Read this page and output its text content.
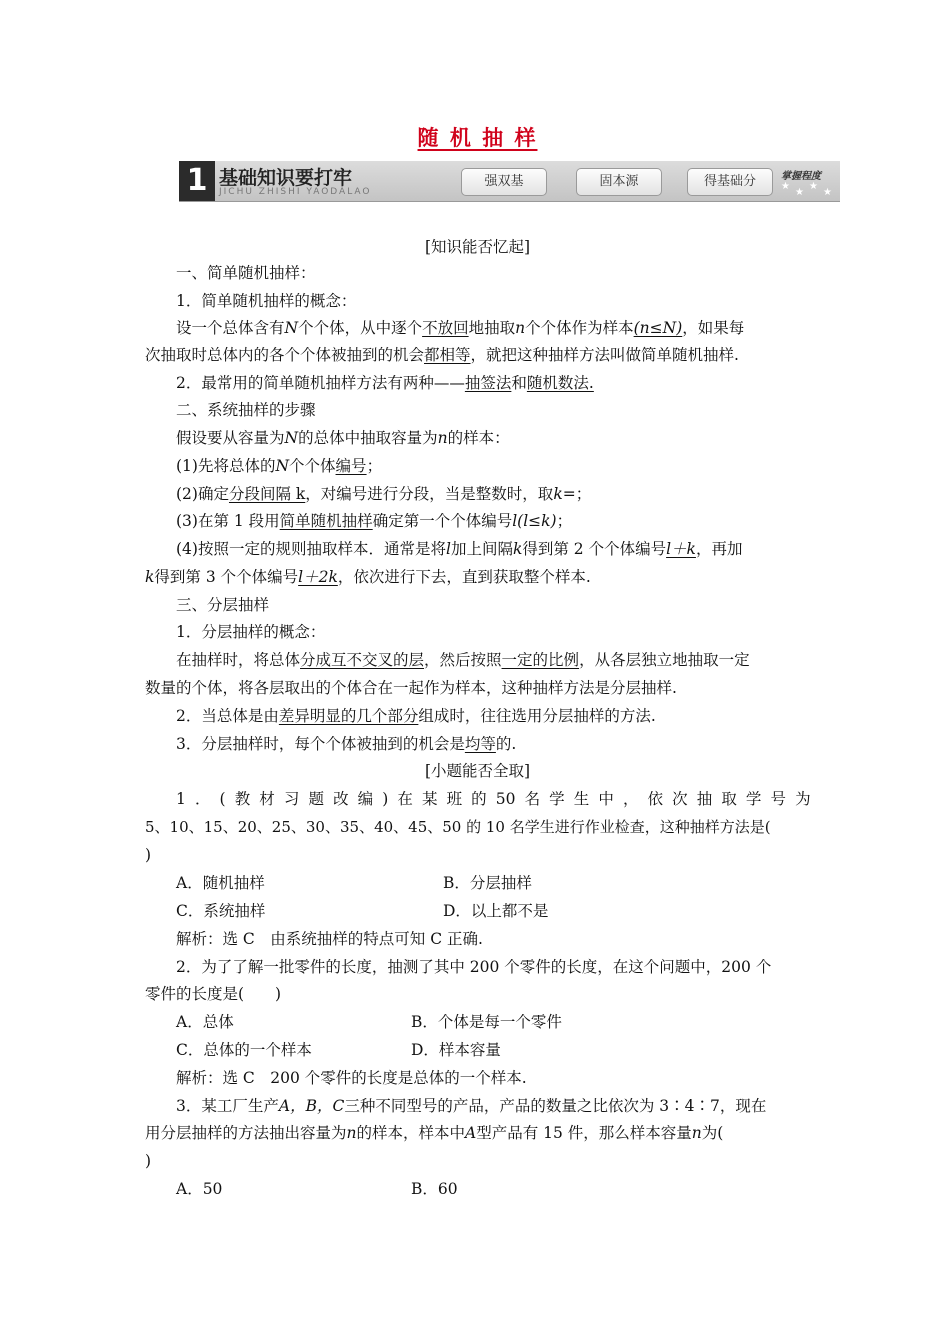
随 机 抽 样
1 基础知识要打牢
JICHU ZHISHI YAODALAO
强双基	固本源	得基础分	掌握程度
★
★
★
★
[知识能否忆起]
一、简单随机抽样：
1．简单随机抽样的概念：
设一个总体含有N个个体，从中逐个不放回地抽取n个个体作为样本(n≤N)，如果每
次抽取时总体内的各个个体被抽到的机会都相等，就把这种抽样方法叫做简单随机抽样.
2．最常用的简单随机抽样方法有两种——抽签法和随机数法.
二、系统抽样的步骤
假设要从容量为N的总体中抽取容量为n的样本：
(1)先将总体的N个个体编号；
(2)确定分段间隔 k，对编号进行分段，当是整数时，取k=；
(3)在第 1 段用简单随机抽样确定第一个个体编号l(l≤k)；
(4)按照一定的规则抽取样本．通常是将l加上间隔k得到第 2 个个体编号l＋k，再加
k得到第 3 个个体编号l＋2k，依次进行下去，直到获取整个样本.
三、分层抽样
1．分层抽样的概念：
在抽样时，将总体分成互不交叉的层，然后按照一定的比例，从各层独立地抽取一定
数量的个体，将各层取出的个体合在一起作为样本，这种抽样方法是分层抽样.
2．当总体是由差异明显的几个部分组成时，往往选用分层抽样的方法.
3．分层抽样时，每个个体被抽到的机会是均等的.
[小题能否全取]
1 ． ( 教 材 习 题 改 编 ) 在 某 班 的 50 名 学 生 中 ， 依 次 抽 取 学 号 为
5、10、15、20、25、30、35、40、45、50 的 10 名学生进行作业检查，这种抽样方法是(
)
A．随机抽样	B．分层抽样
C．系统抽样	D．以上都不是
解析：选 C　由系统抽样的特点可知 C 正确.
2．为了了解一批零件的长度，抽测了其中 200 个零件的长度，在这个问题中，200 个
零件的长度是(　　)
A．总体	B．个体是每一个零件
C．总体的一个样本	D．样本容量
解析：选 C　200 个零件的长度是总体的一个样本.
3．某工厂生产A，B，C三种不同型号的产品，产品的数量之比依次为 3∶4∶7，现在
用分层抽样的方法抽出容量为n的样本，样本中A型产品有 15 件，那么样本容量n为(
)
A．50	B．60
